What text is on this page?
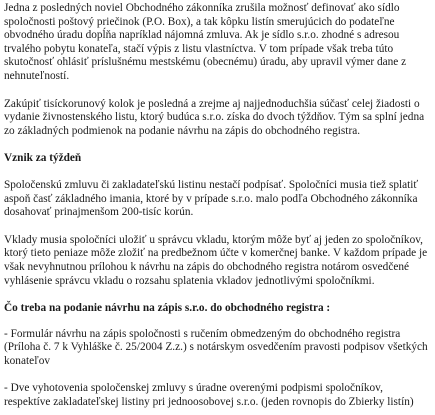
Jedna z posledných noviel Obchodného zákonníka zrušila možnosť definovať ako sídlo spoločnosti poštový priečinok (P.O. Box), a tak kôpku listín smerujúcich do podateľne obvodného úradu dopĺňa napríklad nájomná zmluva. Ak je sídlo s.r.o. zhodné s adresou trvalého pobytu konateľa, stačí výpis z listu vlastníctva. V tom prípade však treba túto skutočnosť ohlásiť príslušnému mestskému (obecnému) úradu, aby upravil výmer dane z nehnuteľností.

Zakúpiť tisíckorunový kolok je posledná a zrejme aj najjednoduchšia súčasť celej žiadosti o vydanie živnostenského listu, ktorý budúca s.r.o. získa do dvoch týždňov. Tým sa splní jedna zo základných podmienok na podanie návrhu na zápis do obchodného registra.

Vznik za týždeň

Spoločenskú zmluvu či zakladateľskú listinu nestačí podpísať. Spoločníci musia tiež splatiť aspoň časť základného imania, ktoré by v prípade s.r.o. malo podľa Obchodného zákonníka dosahovať prinajmenšom 200-tisíc korún.

Vklady musia spoločníci uložiť u správcu vkladu, ktorým môže byť aj jeden zo spoločníkov, ktorý tieto peniaze môže zložiť na predbežnom účte v komerčnej banke. V každom prípade je však nevyhnutnou prílohou k návrhu na zápis do obchodného registra notárom osvedčené vyhlásenie správcu vkladu o rozsahu splatenia vkladov jednotlivými spoločníkmi.

Čo treba na podanie návrhu na zápis s.r.o. do obchodného registra :

- Formulár návrhu na zápis spoločnosti s ručením obmedzeným do obchodného registra (Príloha č. 7 k Vyhláške č. 25/2004 Z.z.) s notárskym osvedčením pravosti podpisov všetkých konateľov

- Dve vyhotovenia spoločenskej zmluvy s úradne overenými podpismi spoločníkov, respektíve zakladateľskej listiny pri jednoosobovej s.r.o. (jeden rovnopis do Zbierky listín)
